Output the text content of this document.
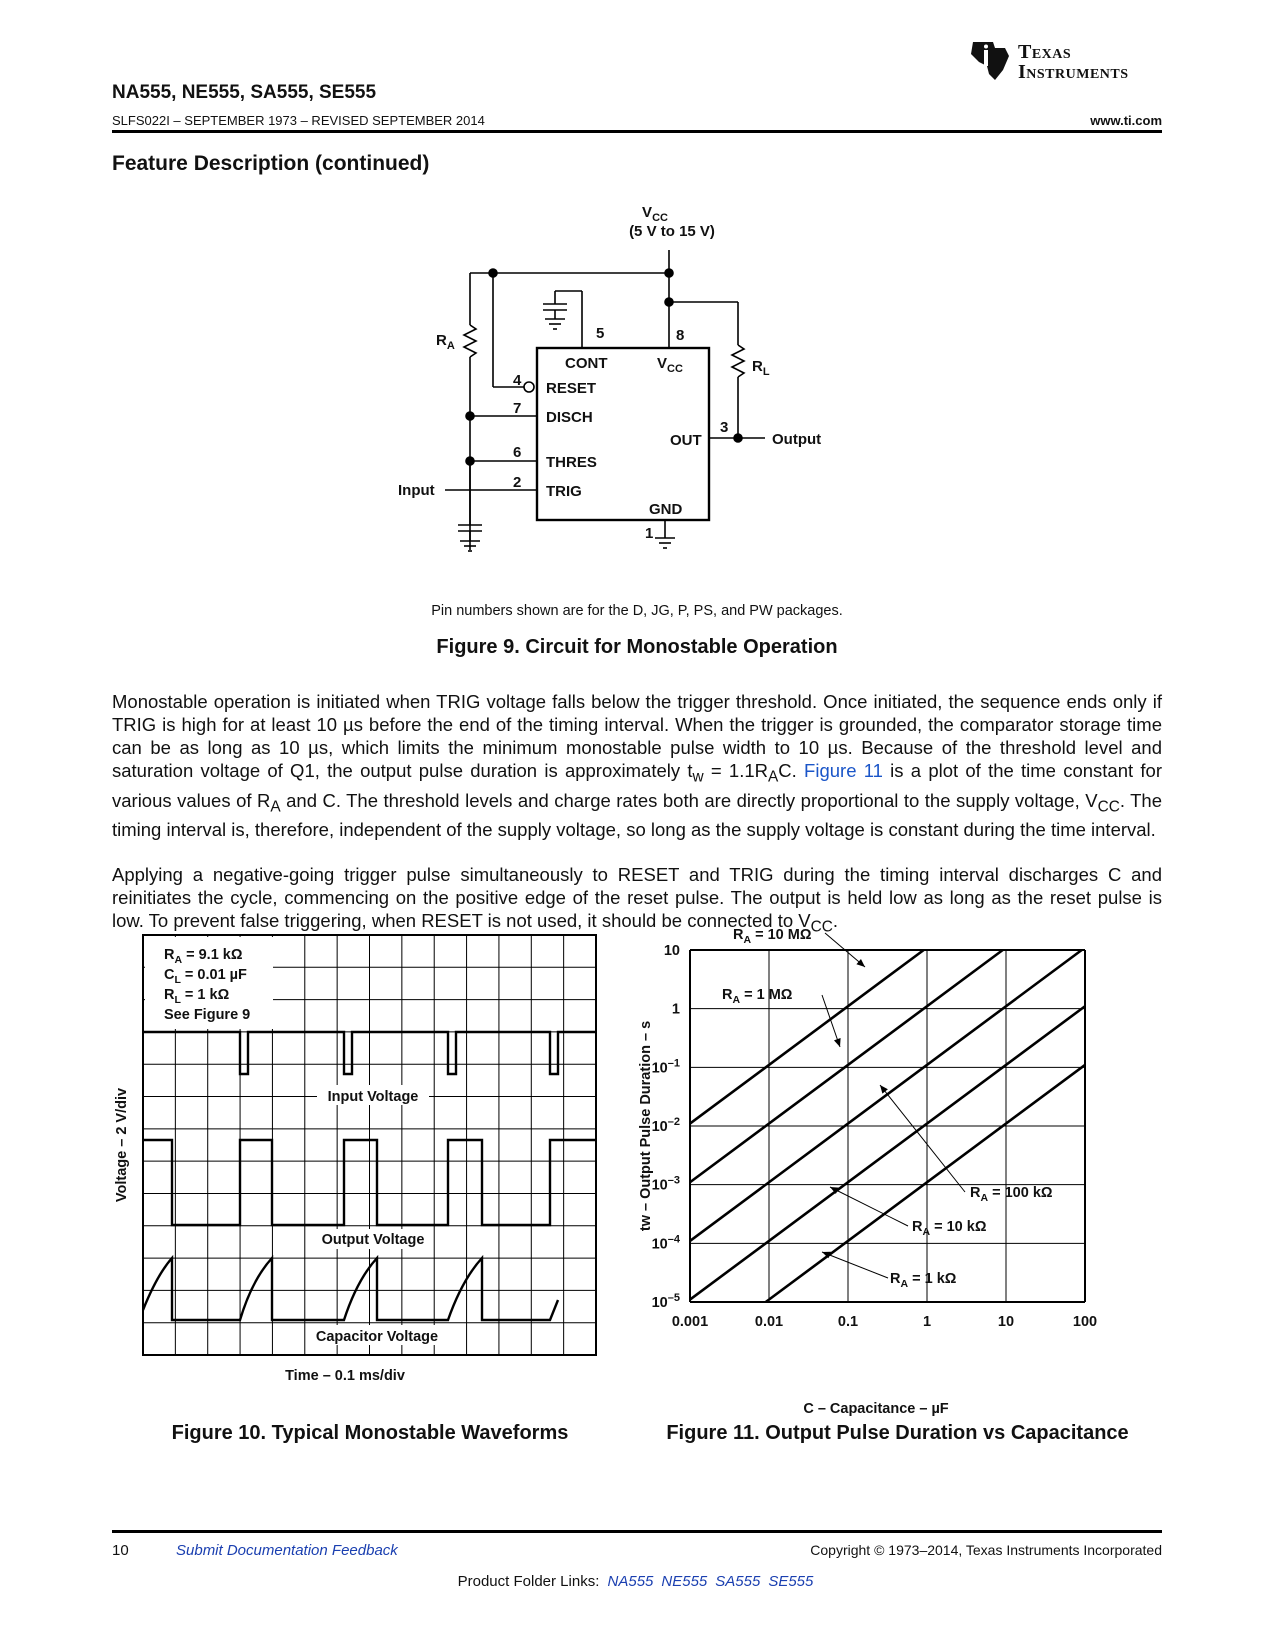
Texas
Instruments
NA555, NE555, SA555, SE555
SLFS022I – SEPTEMBER 1973 – REVISED SEPTEMBER 2014	www.ti.com
Feature Description (continued)
$V_{CC}$
(5 V to 15 V)
$R_A$
5	8
$R_L$
CONT	$V_{CC}$
RESET
DISCH
OUT
THRES
TRIG
GND
4
7
6
2
3
1
Input
Output
Pin numbers shown are for the D, JG, P, PS, and PW packages.
Figure 9. Circuit for Monostable Operation
Monostable operation is initiated when TRIG voltage falls below the trigger threshold. Once initiated, the sequence ends only if TRIG is high for at least 10 µs before the end of the timing interval. When the trigger is grounded, the comparator storage time can be as long as 10 µs, which limits the minimum monostable pulse width to 10 µs. Because of the threshold level and saturation voltage of Q1, the output pulse duration is approximately $t_w = 1.1R_AC$. Figure 11 is a plot of the time constant for various values of $R_A$ and C. The threshold levels and charge rates both are directly proportional to the supply voltage, $V_{CC}$. The timing interval is, therefore, independent of the supply voltage, so long as the supply voltage is constant during the time interval.
Applying a negative-going trigger pulse simultaneously to RESET and TRIG during the timing interval discharges C and reinitiates the cycle, commencing on the positive edge of the reset pulse. The output is held low as long as the reset pulse is low. To prevent false triggering, when RESET is not used, it should be connected to $V_{CC}$.
$R_A = 9.1$ kΩ
$C_L = 0.01$ µF
$R_L = 1$ kΩ
See Figure 9
Input Voltage
Output Voltage
Capacitor Voltage
Time – 0.1 ms/div
Voltage – 2 V/div
Figure 10. Typical Monostable Waveforms
0.001	0.01	0.1	1	10	100
$10^{-5}$
$10^{-4}$
$10^{-3}$
$10^{-2}$
$10^{-1}$
1
10
$R_A = 10$ MΩ
$R_A = 1$ MΩ
$R_A = 100$ kΩ
$R_A = 10$ kΩ
$R_A = 1$ kΩ
C – Capacitance – µF
tw – Output Pulse Duration – s
Figure 11. Output Pulse Duration vs Capacitance
10	Submit Documentation Feedback	Copyright © 1973–2014, Texas Instruments Incorporated
Product Folder Links: NA555 NE555 SA555 SE555
